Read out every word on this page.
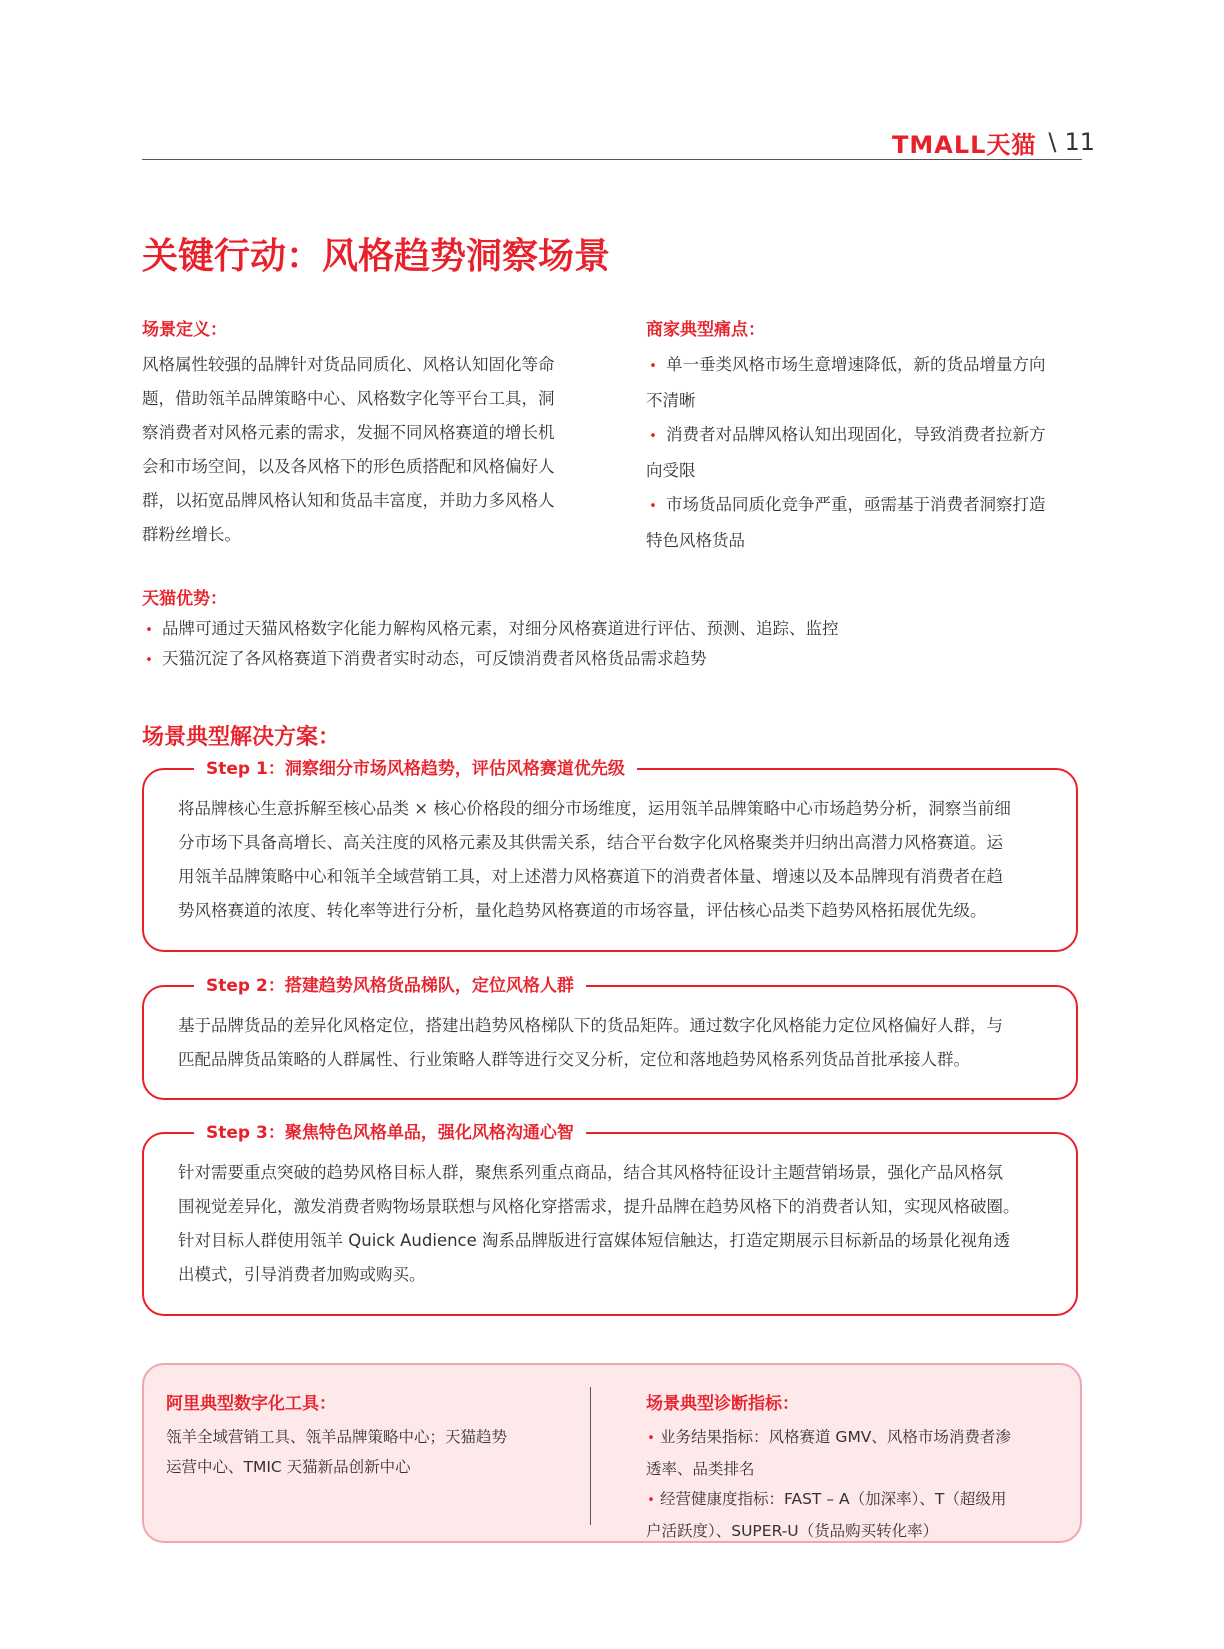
TMALL天猫 \ 11
关键行动：风格趋势洞察场景

场景定义：

风格属性较强的品牌针对货品同质化、风格认知固化等命
题，借助瓴羊品牌策略中心、风格数字化等平台工具，洞
察消费者对风格元素的需求，发掘不同风格赛道的增长机
会和市场空间，以及各风格下的形色质搭配和风格偏好人
群，以拓宽品牌风格认知和货品丰富度，并助力多风格人
群粉丝增长。

商家典型痛点：

• 单一垂类风格市场生意增速降低，新的货品增量方向
不清晰
• 消费者对品牌风格认知出现固化，导致消费者拉新方
向受限
• 市场货品同质化竞争严重，亟需基于消费者洞察打造
特色风格货品

天猫优势：

• 品牌可通过天猫风格数字化能力解构风格元素，对细分风格赛道进行评估、预测、追踪、监控
• 天猫沉淀了各风格赛道下消费者实时动态，可反馈消费者风格货品需求趋势
场景典型解决方案：
Step 1：洞察细分市场风格趋势，评估风格赛道优先级
将品牌核心生意拆解至核心品类 × 核心价格段的细分市场维度，运用瓴羊品牌策略中心市场趋势分析，洞察当前细
分市场下具备高增长、高关注度的风格元素及其供需关系，结合平台数字化风格聚类并归纳出高潜力风格赛道。运
用瓴羊品牌策略中心和瓴羊全域营销工具，对上述潜力风格赛道下的消费者体量、增速以及本品牌现有消费者在趋
势风格赛道的浓度、转化率等进行分析，量化趋势风格赛道的市场容量，评估核心品类下趋势风格拓展优先级。
Step 2：搭建趋势风格货品梯队，定位风格人群
基于品牌货品的差异化风格定位，搭建出趋势风格梯队下的货品矩阵。通过数字化风格能力定位风格偏好人群，与
匹配品牌货品策略的人群属性、行业策略人群等进行交叉分析，定位和落地趋势风格系列货品首批承接人群。
Step 3：聚焦特色风格单品，强化风格沟通心智
针对需要重点突破的趋势风格目标人群，聚焦系列重点商品，结合其风格特征设计主题营销场景，强化产品风格氛
围视觉差异化，激发消费者购物场景联想与风格化穿搭需求，提升品牌在趋势风格下的消费者认知，实现风格破圈。
针对目标人群使用瓴羊 Quick Audience 淘系品牌版进行富媒体短信触达，打造定期展示目标新品的场景化视角透
出模式，引导消费者加购或购买。

阿里典型数字化工具：

瓴羊全域营销工具、瓴羊品牌策略中心；天猫趋势
运营中心、TMIC 天猫新品创新中心

场景典型诊断指标：

• 业务结果指标：风格赛道 GMV、风格市场消费者渗
透率、品类排名
• 经营健康度指标：FAST – A（加深率）、T（超级用
户活跃度）、SUPER-U（货品购买转化率）
